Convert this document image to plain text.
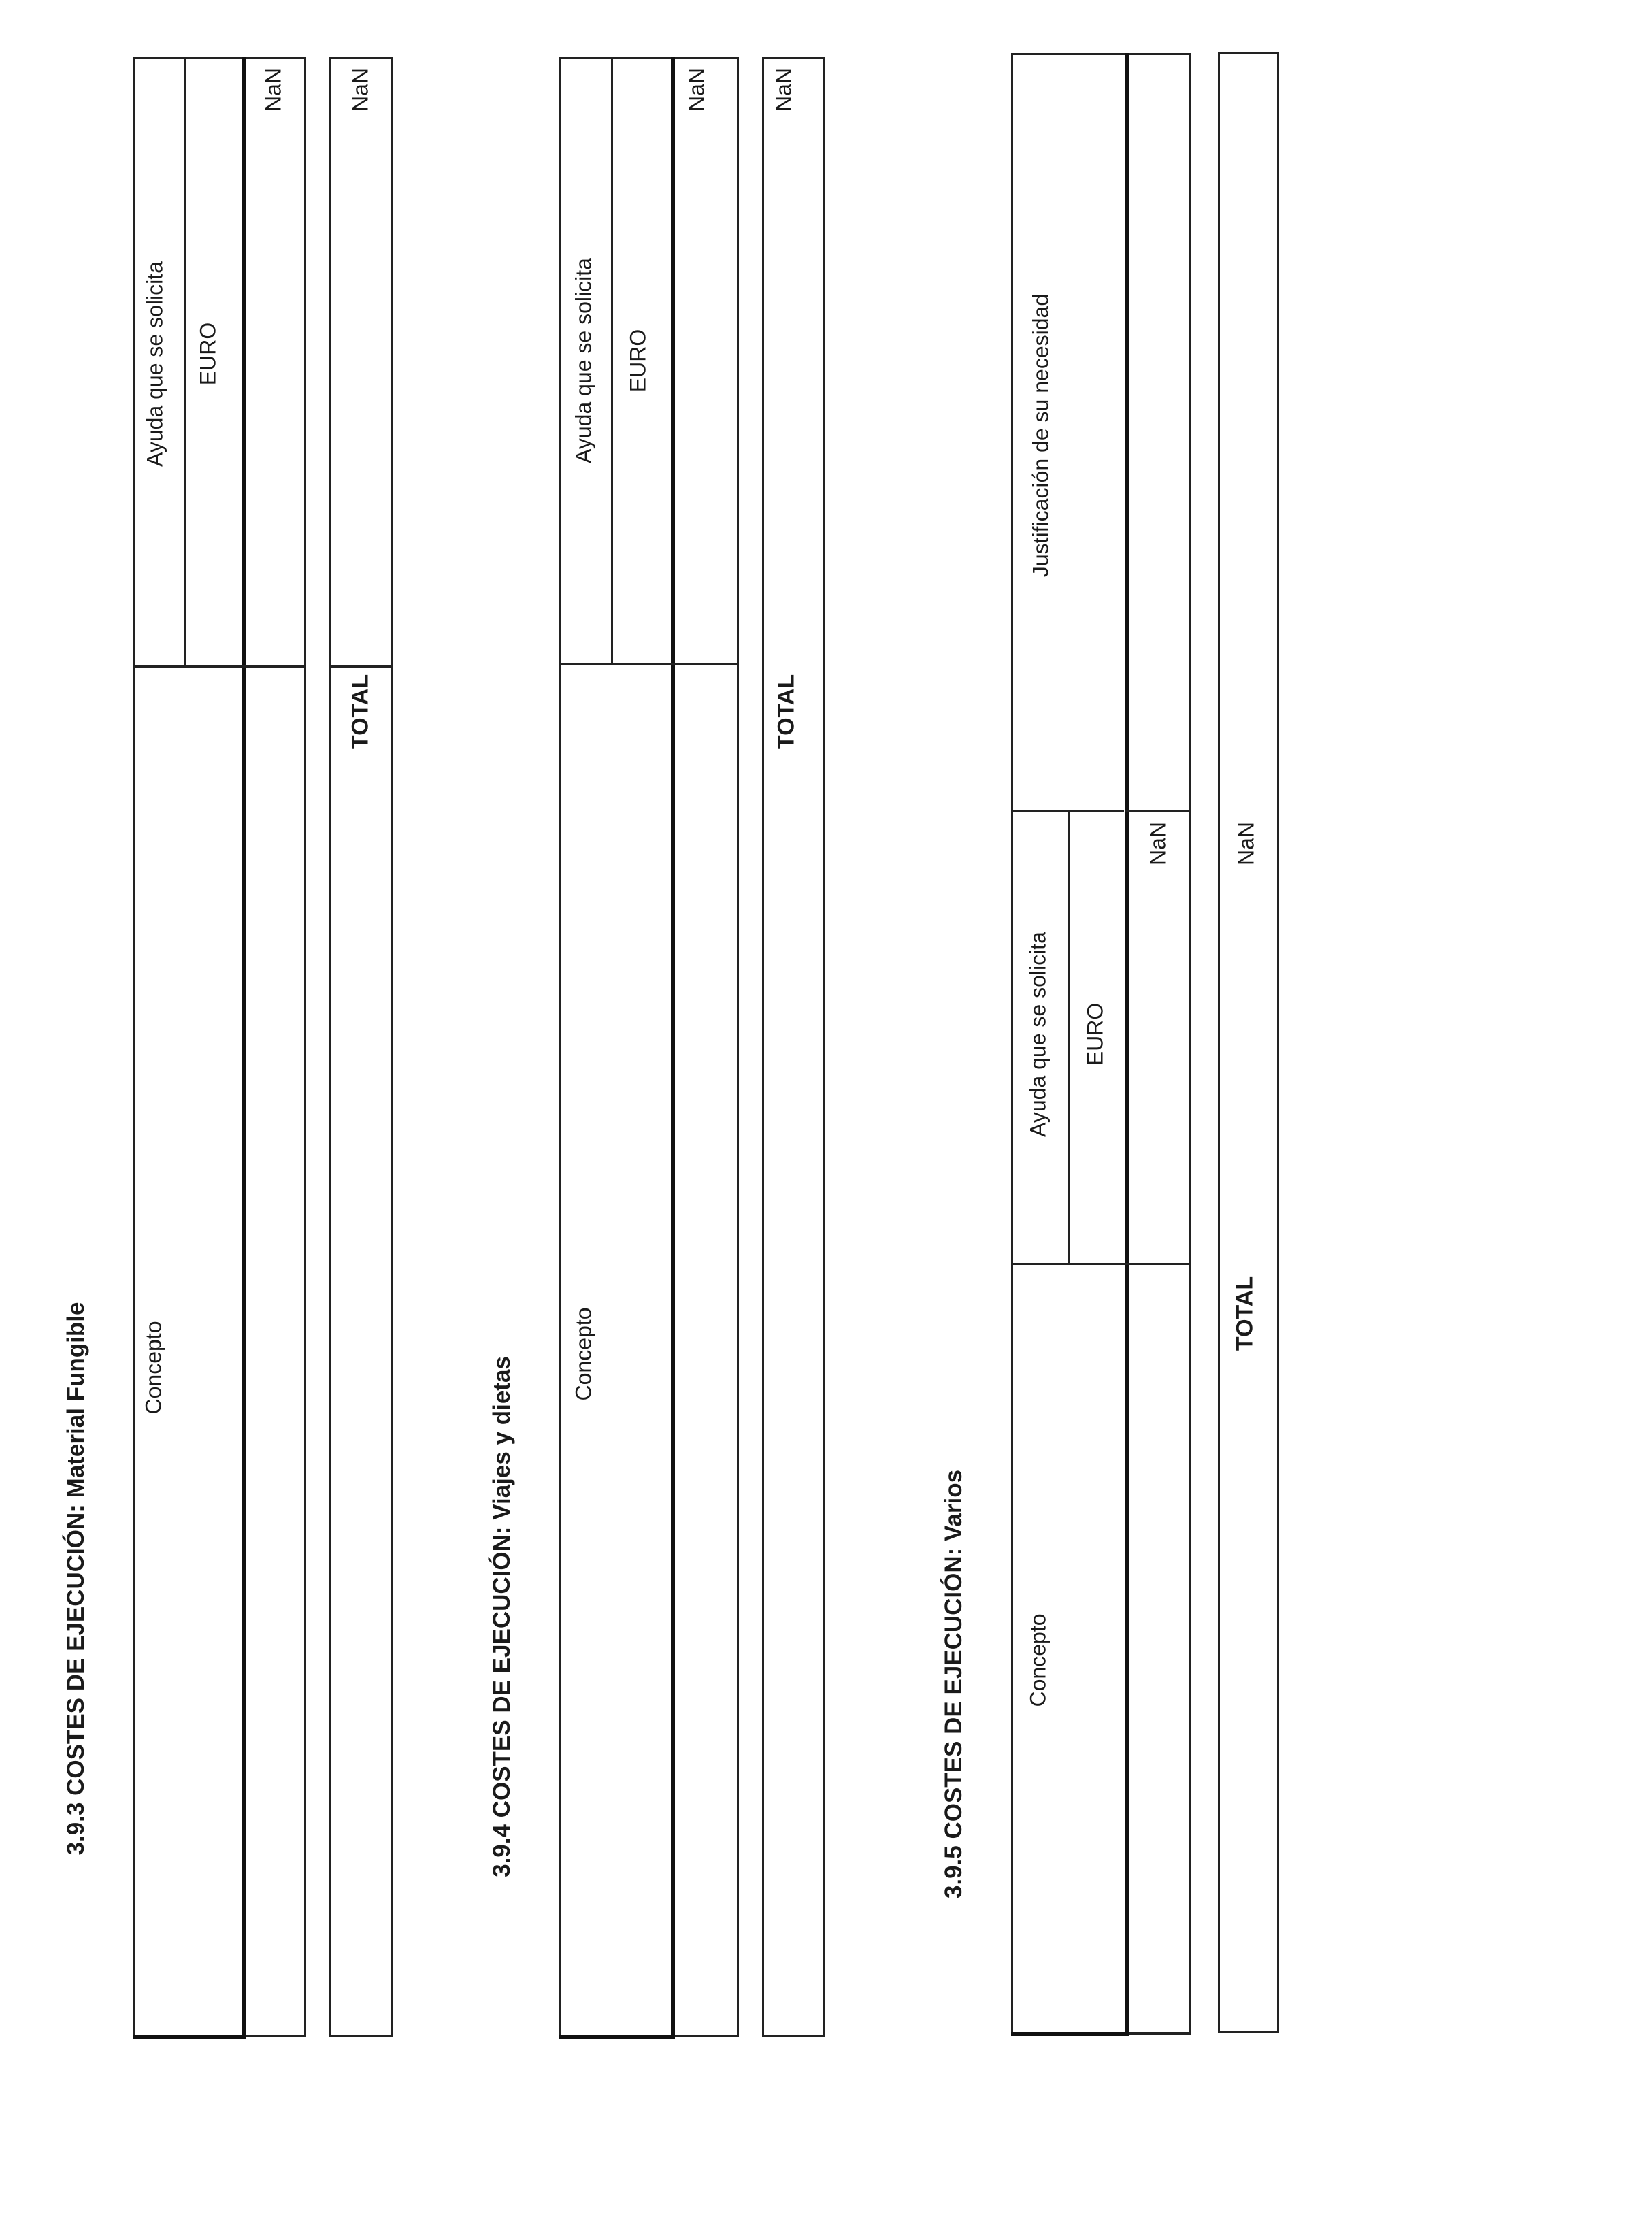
3.9.3 COSTES DE EJECUCIÓN: Material Fungible Concepto
Ayuda que se solicita EURO
NaN
TOTAL
NaN
3.9.4 COSTES DE EJECUCIÓN: Viajes y dietas
Concepto
Ayuda que se solicita EURO
NaN
TOTAL
NaN
3.9.5 COSTES DE EJECUCIÓN: Varios	Concepto
Ayuda que se solicita EURO
Justificación de su necesidad
NaN
TOTAL
NaN
